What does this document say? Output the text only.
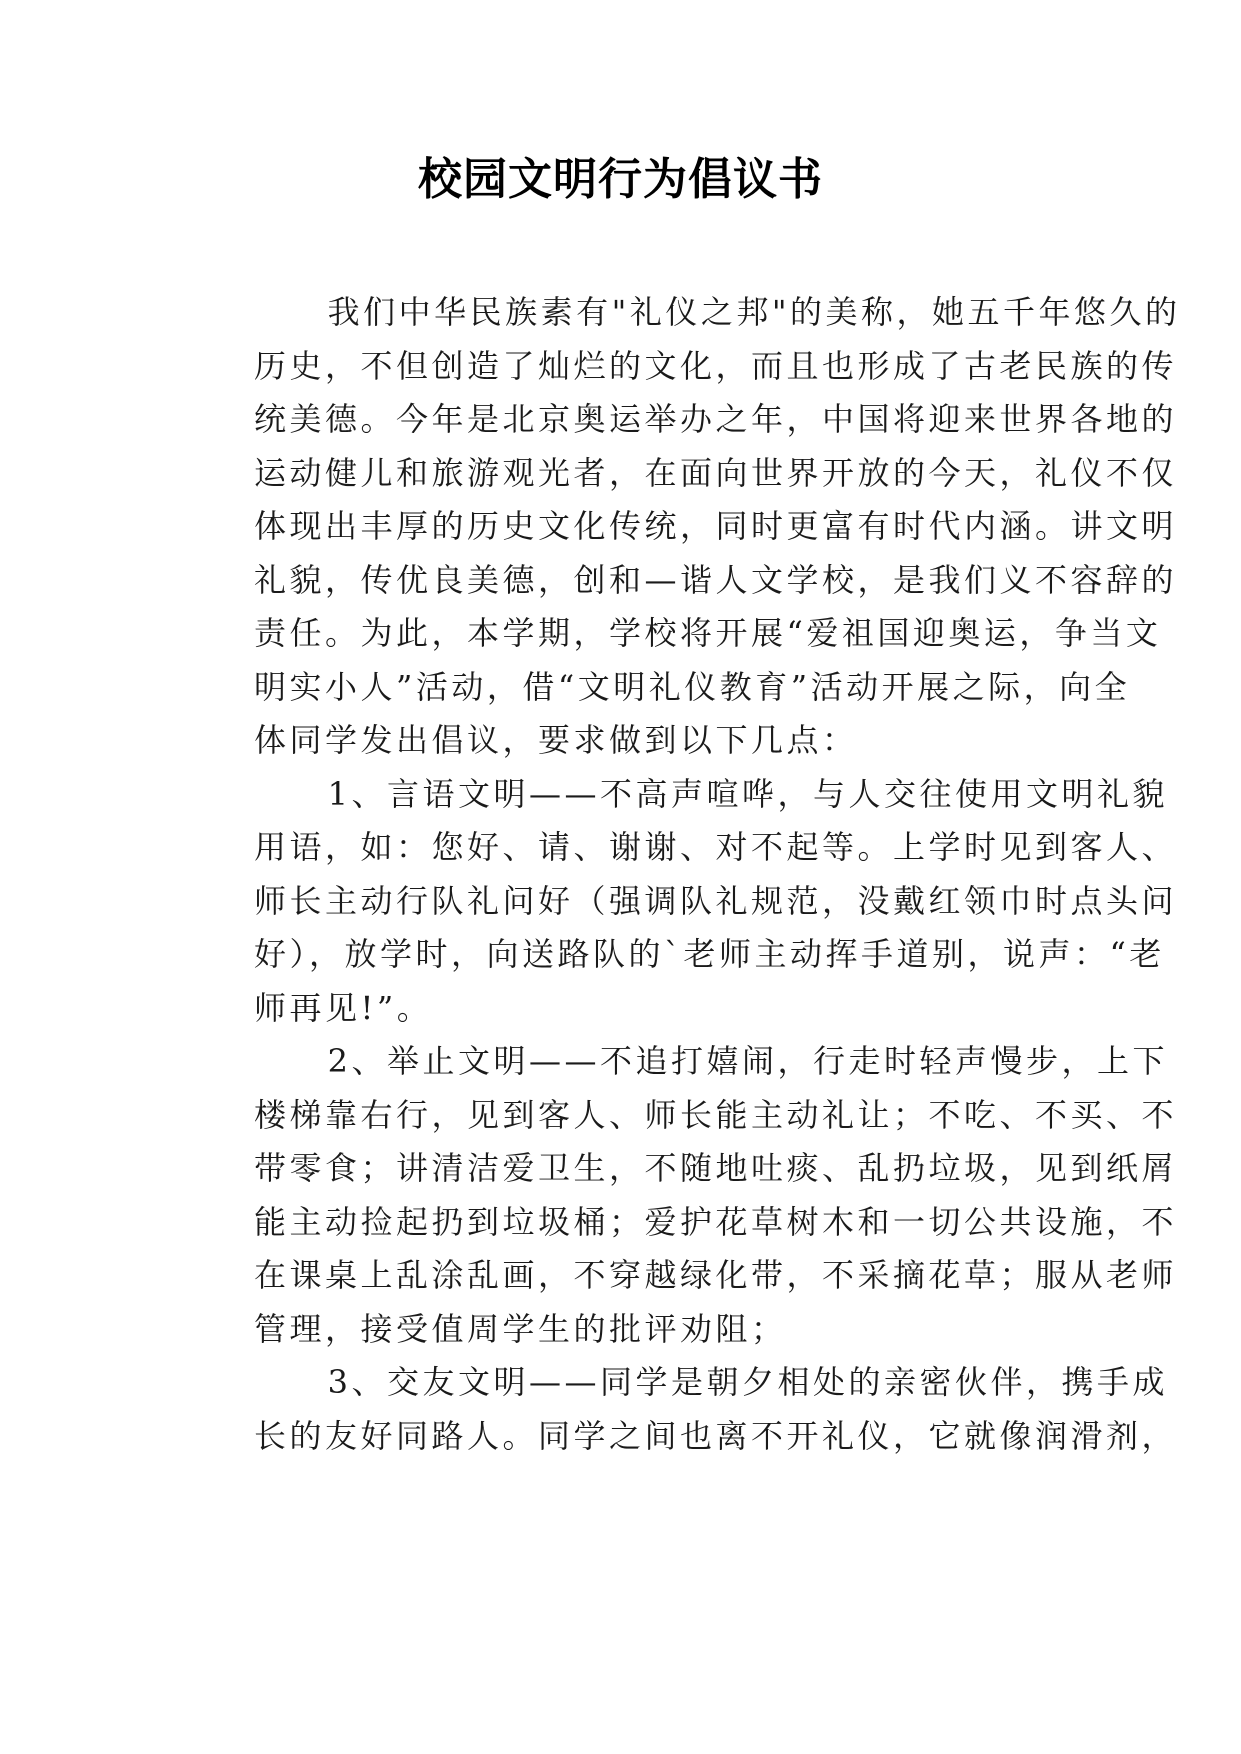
校园文明行为倡议书
我们中华民族素有"礼仪之邦"的美称，她五千年悠久的
历史，不但创造了灿烂的文化，而且也形成了古老民族的传
统美德。今年是北京奥运举办之年，中国将迎来世界各地的
运动健儿和旅游观光者，在面向世界开放的今天，礼仪不仅
体现出丰厚的历史文化传统，同时更富有时代内涵。讲文明
礼貌，传优良美德，创和—谐人文学校，是我们义不容辞的
责任。为此，本学期，学校将开展“爱祖国迎奥运，争当文
明实小人”活动，借“文明礼仪教育”活动开展之际，向全
体同学发出倡议，要求做到以下几点：
1、言语文明——不高声喧哗，与人交往使用文明礼貌
用语，如：您好、请、谢谢、对不起等。上学时见到客人、
师长主动行队礼问好（强调队礼规范，没戴红领巾时点头问
好），放学时，向送路队的`老师主动挥手道别，说声：“老
师再见!”。
2、举止文明——不追打嬉闹，行走时轻声慢步，上下
楼梯靠右行，见到客人、师长能主动礼让；不吃、不买、不
带零食；讲清洁爱卫生，不随地吐痰、乱扔垃圾，见到纸屑
能主动捡起扔到垃圾桶；爱护花草树木和一切公共设施，不
在课桌上乱涂乱画，不穿越绿化带，不采摘花草；服从老师
管理，接受值周学生的批评劝阻；
3、交友文明——同学是朝夕相处的亲密伙伴，携手成
长的友好同路人。同学之间也离不开礼仪，它就像润滑剂，
